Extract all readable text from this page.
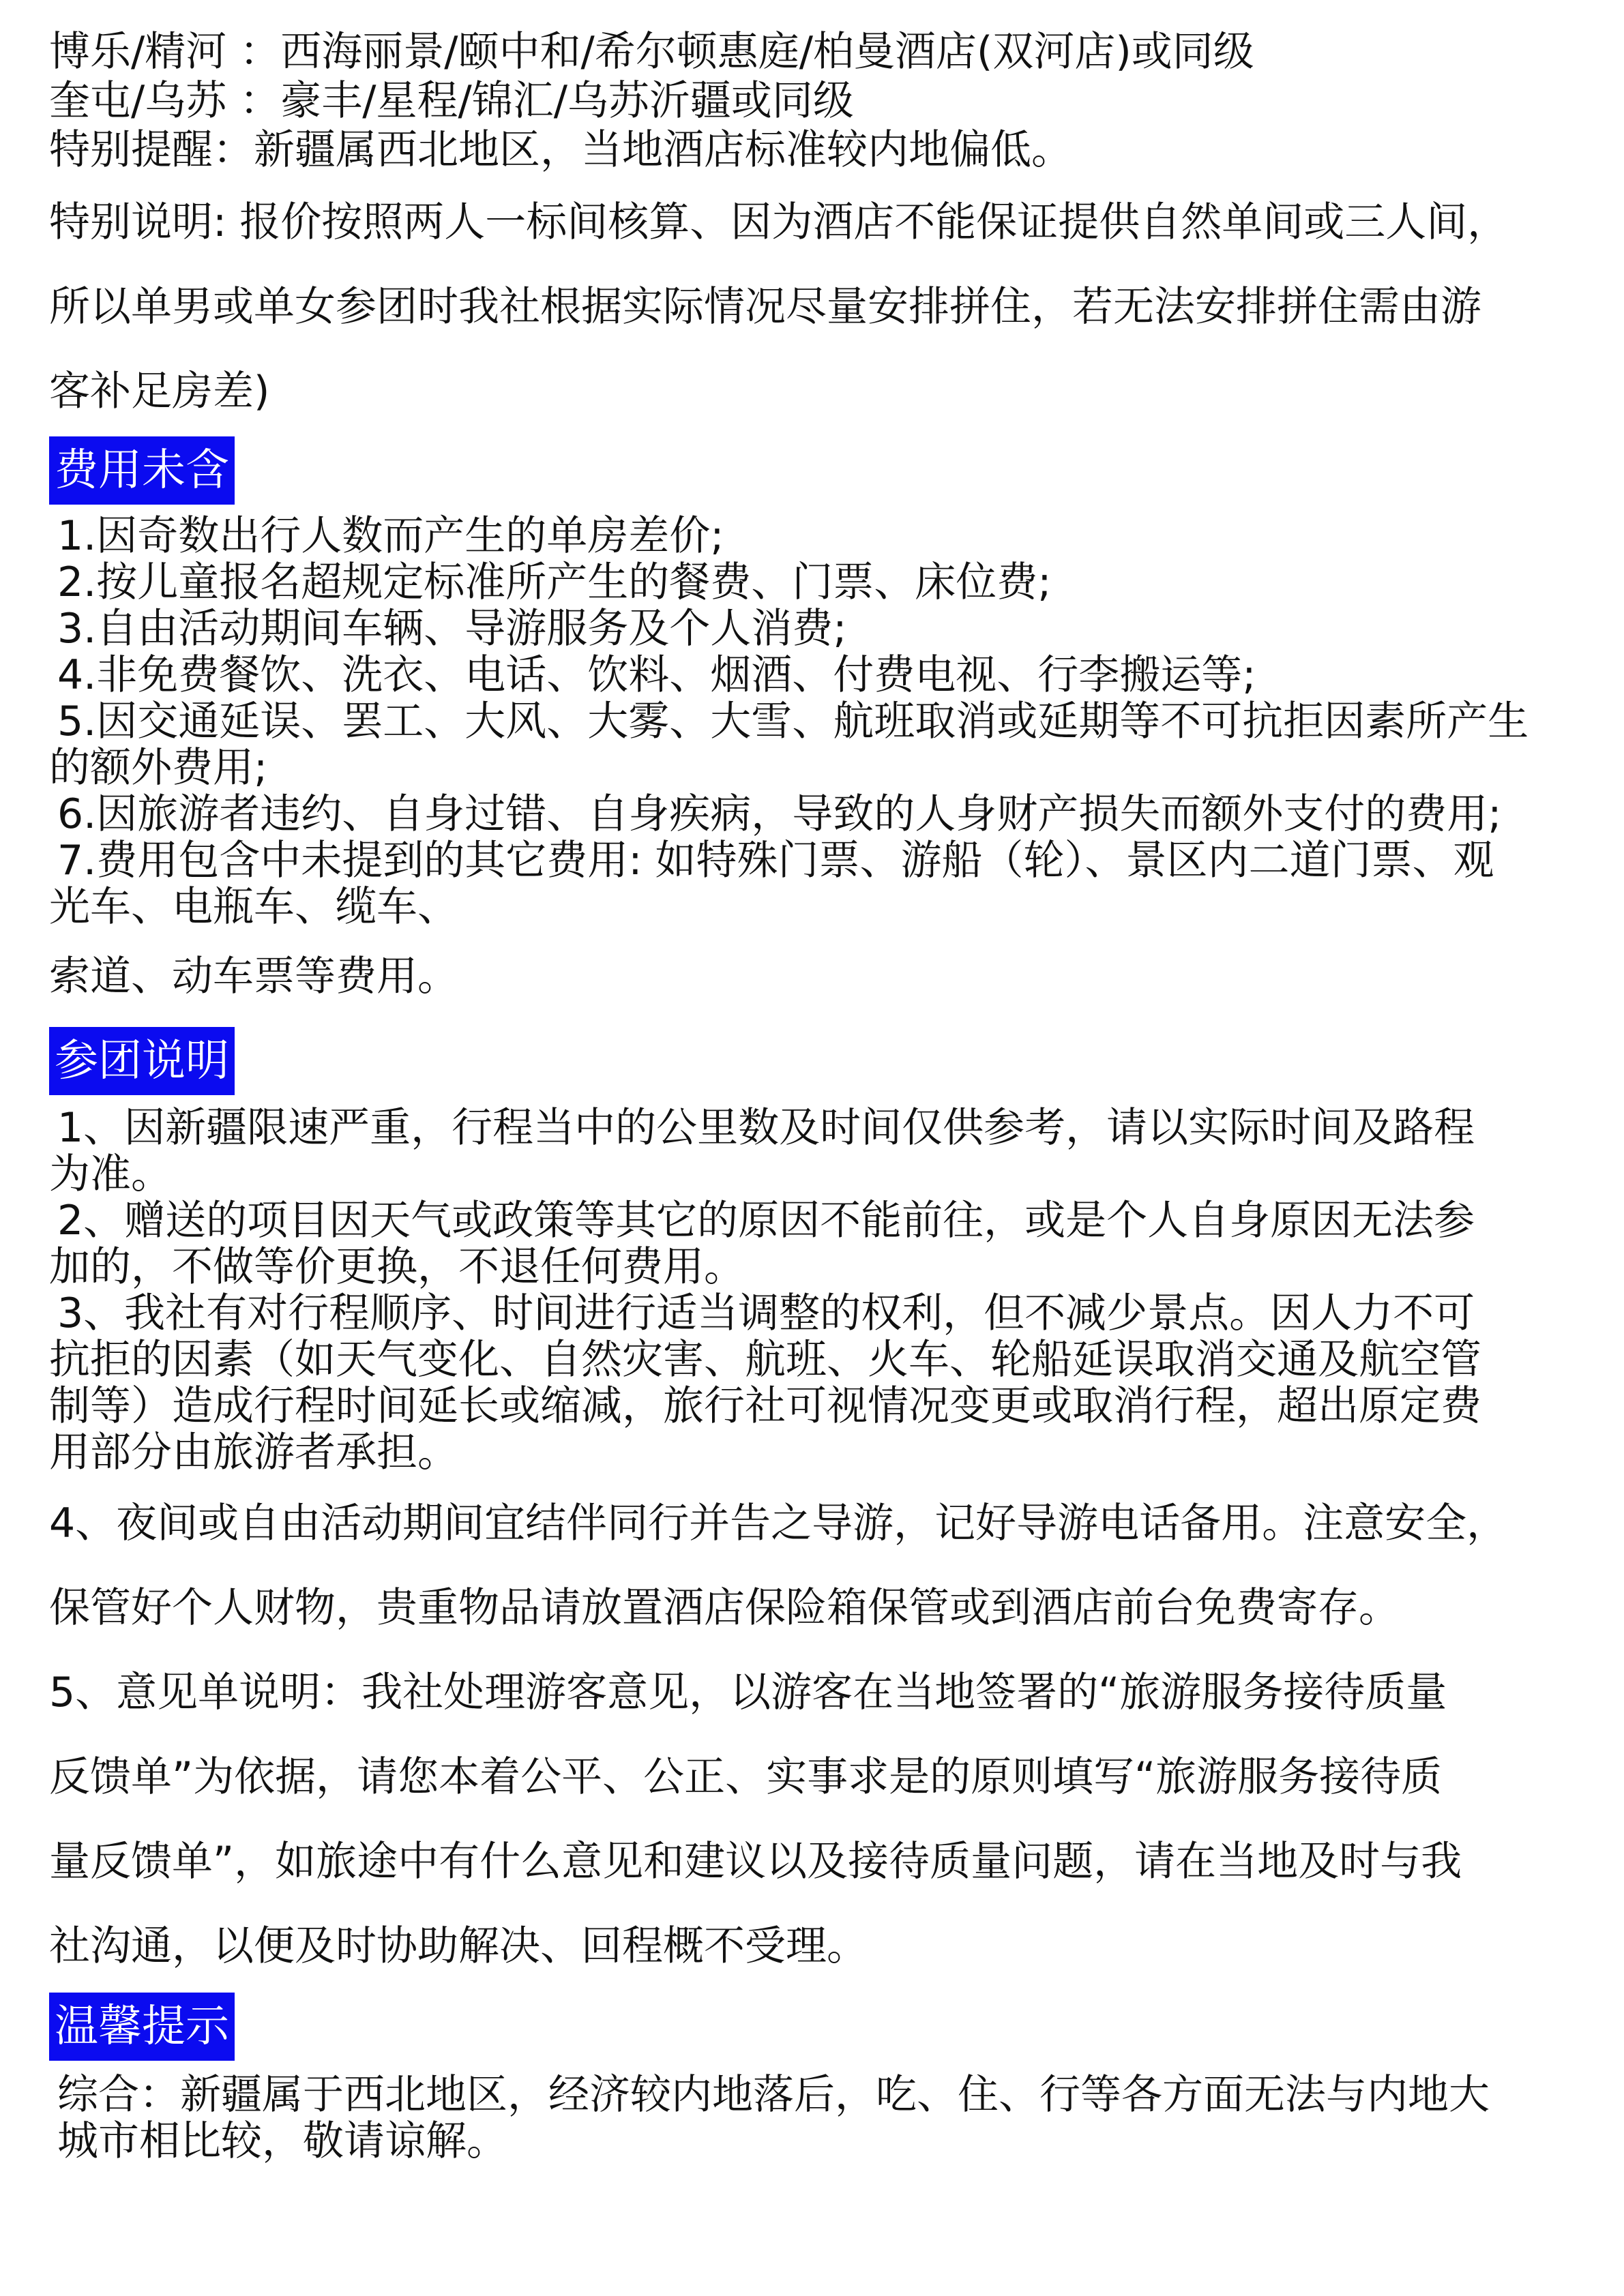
博乐/精河 ：西海丽景/颐中和/希尔顿惠庭/柏曼酒店(双河店)或同级
奎屯/乌苏 ：豪丰/星程/锦汇/乌苏沂疆或同级
特别提醒：新疆属西北地区，当地酒店标准较内地偏低。
特别说明: 报价按照两人一标间核算、因为酒店不能保证提供自然单间或三人间，
所以单男或单女参团时我社根据实际情况尽量安排拼住，若无法安排拼住需由游
客补足房差)
费用未含
1.因奇数出行人数而产生的单房差价;
2.按儿童报名超规定标准所产生的餐费、门票、床位费;
3.自由活动期间车辆、导游服务及个人消费;
4.非免费餐饮、洗衣、电话、饮料、烟酒、付费电视、行李搬运等;
5.因交通延误、罢工、大风、大雾、大雪、航班取消或延期等不可抗拒因素所产生
的额外费用;
6.因旅游者违约、自身过错、自身疾病，导致的人身财产损失而额外支付的费用;
7.费用包含中未提到的其它费用: 如特殊门票、游船（轮）、景区内二道门票、观
光车、电瓶车、缆车、
索道、动车票等费用。
参团说明
1、因新疆限速严重，行程当中的公里数及时间仅供参考，请以实际时间及路程
为准。
2、赠送的项目因天气或政策等其它的原因不能前往，或是个人自身原因无法参
加的，不做等价更换，不退任何费用。
3、我社有对行程顺序、时间进行适当调整的权利，但不减少景点。因人力不可
抗拒的因素（如天气变化、自然灾害、航班、火车、轮船延误取消交通及航空管
制等）造成行程时间延长或缩减，旅行社可视情况变更或取消行程，超出原定费
用部分由旅游者承担。
4、夜间或自由活动期间宜结伴同行并告之导游，记好导游电话备用。注意安全，
保管好个人财物，贵重物品请放置酒店保险箱保管或到酒店前台免费寄存。
5、意见单说明：我社处理游客意见，以游客在当地签署的“旅游服务接待质量
反馈单”为依据，请您本着公平、公正、实事求是的原则填写“旅游服务接待质
量反馈单”，如旅途中有什么意见和建议以及接待质量问题，请在当地及时与我
社沟通，以便及时协助解决、回程概不受理。
温馨提示
综合：新疆属于西北地区，经济较内地落后，吃、住、行等各方面无法与内地大
城市相比较，敬请谅解。
